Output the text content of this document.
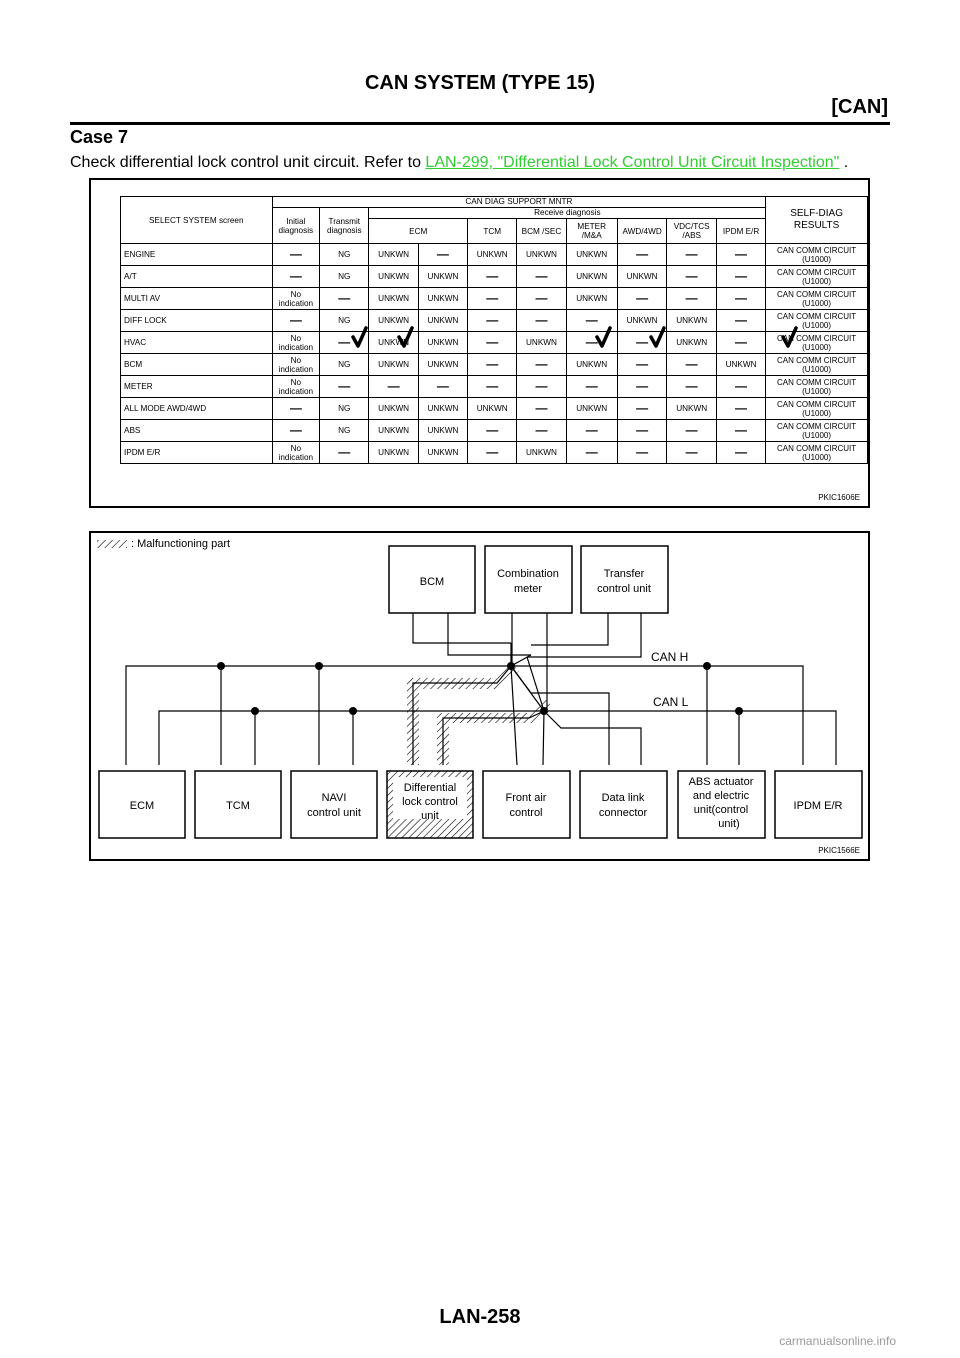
CAN SYSTEM (TYPE 15)
[CAN]
Case 7
Check differential lock control unit circuit. Refer to LAN-299, "Differential Lock Control Unit Circuit Inspection" .
SELECT SYSTEM screen	CAN DIAG SUPPORT MNTR										SELF-DIAG RESULTS
	Initial diagnosis	Transmit diagnosis	Receive diagnosis								
			ECM		TCM	BCM /SEC	METER /M&A	AWD/4WD	VDC/TCS /ABS	IPDM E/R	
ENGINE	—	NG	UNKWN	—	UNKWN	UNKWN	UNKWN	—	—	—	CAN COMM CIRCUIT (U1000)
A/T	—	NG	UNKWN	UNKWN	—	—	UNKWN	UNKWN	—	—	CAN COMM CIRCUIT (U1000)
MULTI AV	No indication	—	UNKWN	UNKWN	—	—	UNKWN	—	—	—	CAN COMM CIRCUIT (U1000)
DIFF LOCK	—	NG	UNKWN	UNKWN	—	—	—	UNKWN	UNKWN	—	CAN COMM CIRCUIT (U1000)
HVAC	No indication	—	UNKWN	UNKWN	—	UNKWN	—	—	UNKWN	—	CAN COMM CIRCUIT (U1000)
BCM	No indication	NG	UNKWN	UNKWN	—	—	UNKWN	—	—	UNKWN	CAN COMM CIRCUIT (U1000)
METER	No indication	—	—	—	—	—	—	—	—	—	CAN COMM CIRCUIT (U1000)
ALL MODE AWD/4WD	—	NG	UNKWN	UNKWN	UNKWN	—	UNKWN	—	UNKWN	—	CAN COMM CIRCUIT (U1000)
ABS	—	NG	UNKWN	UNKWN	—	—	—	—	—	—	CAN COMM CIRCUIT (U1000)
IPDM E/R	No indication	—	UNKWN	UNKWN	—	UNKWN	—	—	—	—	CAN COMM CIRCUIT (U1000)
PKIC1606E
: Malfunctioning part
BCM
Combination
meter
Transfer
control unit
CAN H
CAN L
ECM	TCM
NAVI
control unit
Differential
lock control
unit
Front air
control
Data link
connector
ABS actuator
and electric
unit(control
unit)
IPDM E/R
PKIC1566E
LAN-258
carmanualsonline.info
